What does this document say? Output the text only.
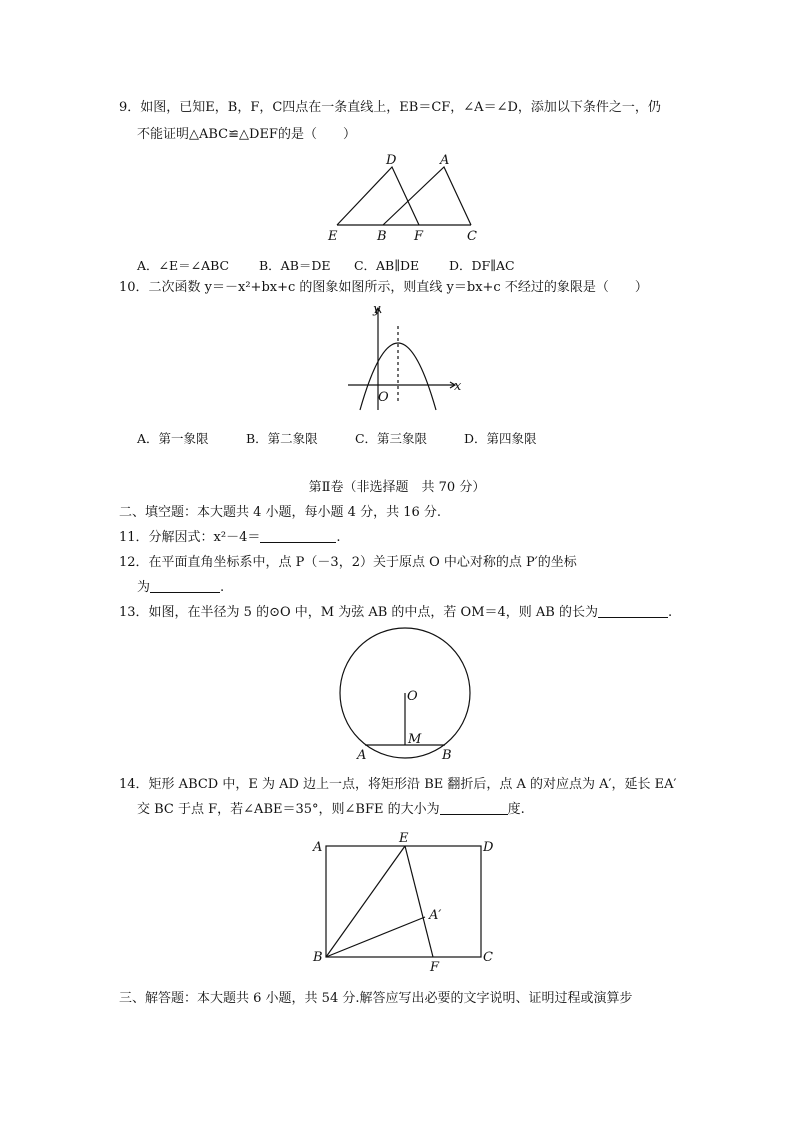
9．如图，已知E，B，F，C四点在一条直线上，EB＝CF，∠A＝∠D，添加以下条件之一，仍
不能证明△ABC≌△DEF的是（　　）
D	A
E	B F	C
A．∠E＝∠ABC B．AB＝DE C．AB∥DE D．DF∥AC
10．二次函数 y＝－x²+bx+c 的图象如图所示，则直线 y＝bx+c 不经过的象限是（　　）
y
x
O
A．第一象限	B．第二象限	C．第三象限	D．第四象限
第Ⅱ卷（非选择题　共 70 分）
二、填空题：本大题共 4 小题，每小题 4 分，共 16 分.
11．分解因式：x²－4＝	.
12．在平面直角坐标系中，点 P（－3，2）关于原点 O 中心对称的点 P′的坐标
为	.
13．如图，在半径为 5 的⊙O 中，M 为弦 AB 的中点，若 OM＝4，则 AB 的长为	.
O
M
A	B
14．矩形 ABCD 中，E 为 AD 边上一点，将矩形沿 BE 翻折后，点 A 的对应点为 A′，延长 EA′
交 BC 于点 F，若∠ABE＝35°，则∠BFE 的大小为	度.
A
E
D
A′
B
F
C
三、解答题：本大题共 6 小题，共 54 分.解答应写出必要的文字说明、证明过程或演算步
